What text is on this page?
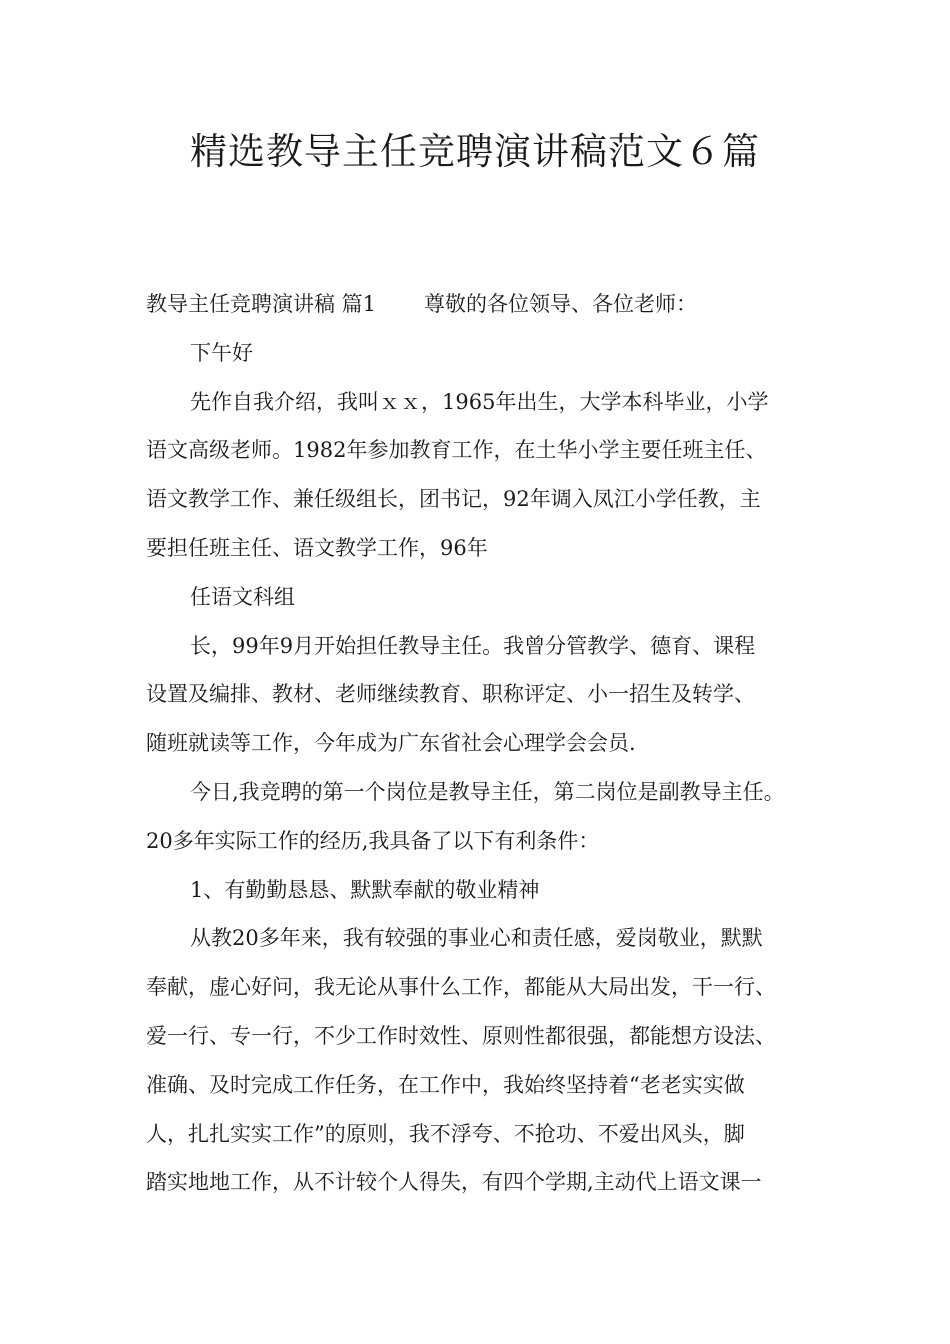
精选教导主任竞聘演讲稿范文６篇
教导主任竞聘演讲稿 篇1 尊敬的各位领导、各位老师：
下午好
先作自我介绍，我叫ｘｘ，1965年出生，大学本科毕业，小学
语文高级老师。1982年参加教育工作，在土华小学主要任班主任、
语文教学工作、兼任级组长，团书记，92年调入凤江小学任教，主
要担任班主任、语文教学工作，96年
任语文科组
长，99年9月开始担任教导主任。我曾分管教学、德育、课程
设置及编排、教材、老师继续教育、职称评定、小一招生及转学、
随班就读等工作，今年成为广东省社会心理学会会员.
今日,我竞聘的第一个岗位是教导主任，第二岗位是副教导主任。
20多年实际工作的经历,我具备了以下有利条件：
1、有勤勤恳恳、默默奉献的敬业精神
从教20多年来，我有较强的事业心和责任感，爱岗敬业，默默
奉献，虚心好问，我无论从事什么工作，都能从大局出发，干一行、
爱一行、专一行，不少工作时效性、原则性都很强，都能想方设法、
准确、及时完成工作任务，在工作中，我始终坚持着“老老实实做
人，扎扎实实工作”的原则，我不浮夸、不抢功、不爱出风头，脚
踏实地地工作，从不计较个人得失，有四个学期,主动代上语文课一
